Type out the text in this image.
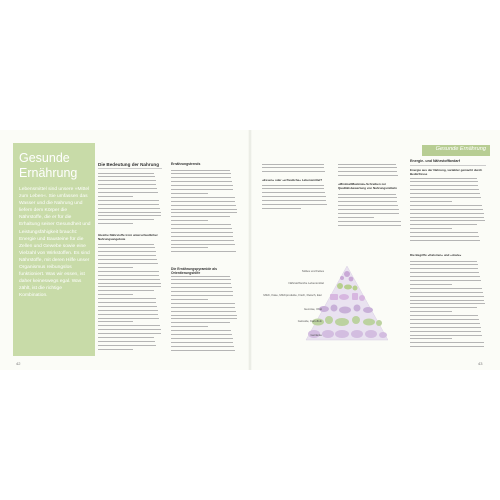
Gesunde Ernährung
Lebensmittel sind unsere »Mittel zum Leben«. Sie umfassen das Wasser und die Nahrung und liefern dem Körper die Nährstoffe, die er für die Erhaltung seiner Gesundheit und Leistungsfähigkeit braucht: Energie und Bausteine für die Zellen und Gewebe sowie eine Vielzahl von Wirkstoffen. Es sind Nährstoffe, mit deren Hilfe unser Organismus reibungslos funktioniert. Was wir essen, ist daher keineswegs egal. Was zählt, ist die richtige Kombination.
42	43
Gesunde Ernährung
Die Bedeutung der Nahrung
Gleiche Nährstoffe trotz unterschiedlicher Nahrungsangebote
Ernährungstrends
Die Ernährungspyramide als Orientierungshilfe
»Essen« oder »erfreuliche« Lebensmittel?
»Minimal/Maximal«-Schreiben zur Qualitätsbewertung von Nahrungsmitteln
Süßes und Fettes
Nährstoffreiche Lebensmittel
Milch, Käse, Milchprodukte, Fisch, Fleisch, Eier
Gemüse, Obst
Getreide, Kartoffeln
Getränke
Energie- und Nährstoffbedarf
Energie aus der Nahrung, variabler gemacht durch Bedürfnisse
Die Begriffe »Kalorien« und »Joule«
